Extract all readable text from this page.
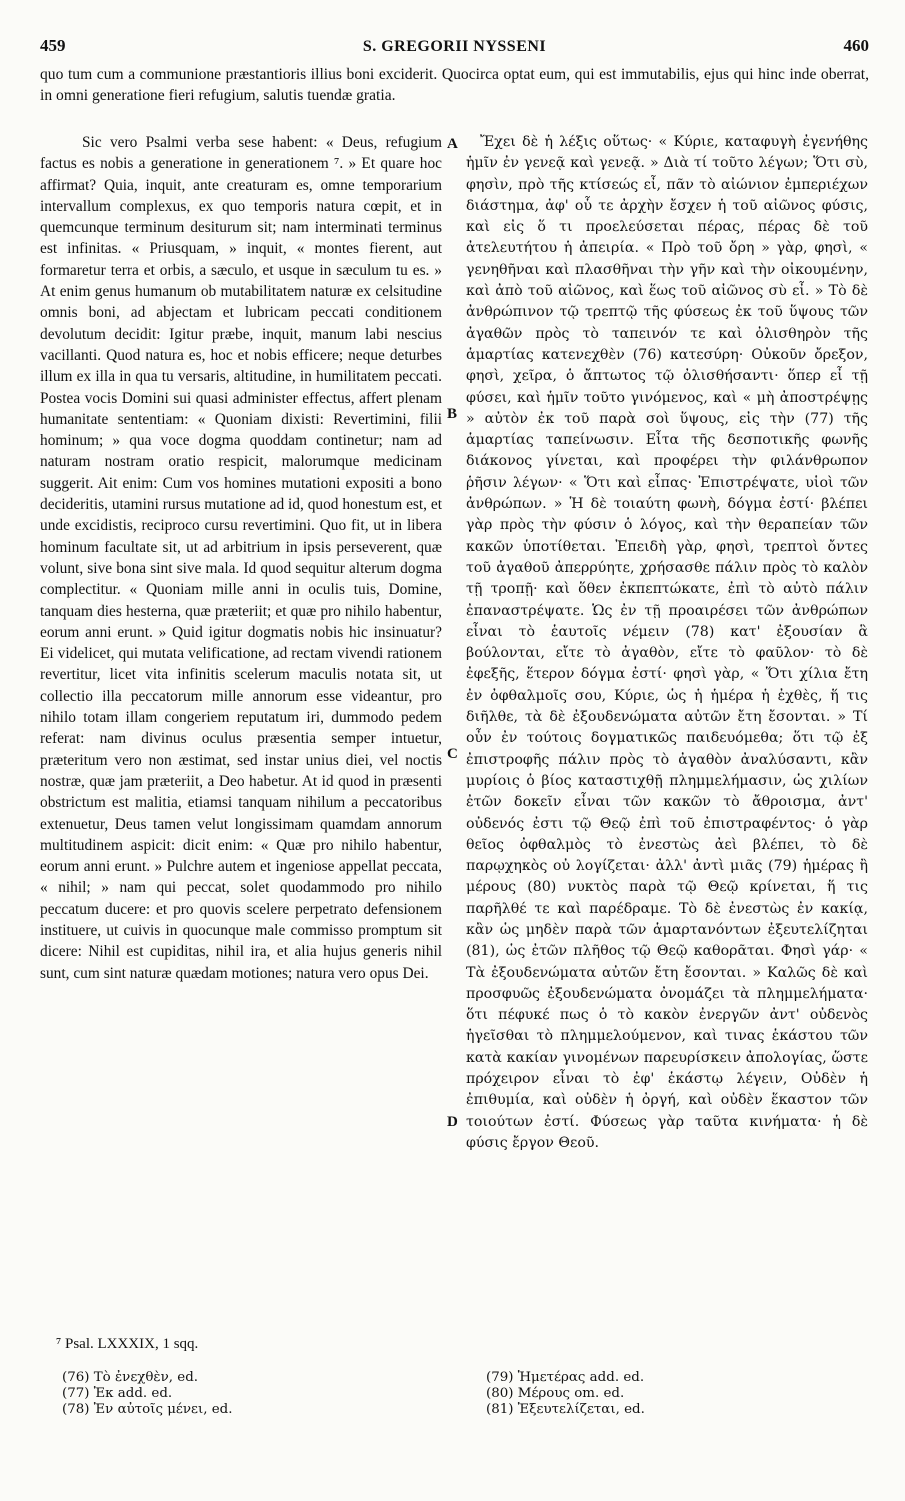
459	S. GREGORII NYSSENI	460
quo tum cum a communione præstantioris illius boni exciderit. Quocirca optat eum, qui est immutabilis, ejus qui hinc inde oberrat, in omni generatione fieri refugium, salutis tuendæ gratia.

Sic vero Psalmi verba sese habent: « Deus, refugium factus es nobis a generatione in generationem ⁷. » Et quare hoc affirmat? Quia, inquit, ante creaturam es, omne temporarium intervallum complexus, ex quo temporis natura cœpit, et in quemcunque terminum desiturum sit; nam interminati terminus est infinitas. « Priusquam, » inquit, « montes fierent, aut formaretur terra et orbis, a sæculo, et usque in sæculum tu es. » At enim genus humanum ob mutabilitatem naturæ ex celsitudine omnis boni, ad abjectam et lubricam peccati conditionem devolutum decidit: Igitur præbe, inquit, manum labi nescius vacillanti. Quod natura es, hoc et nobis efficere; neque deturbes illum ex illa in qua tu versaris, altitudine, in humilitatem peccati. Postea vocis Domini sui quasi administer effectus, affert plenam humanitate sententiam: « Quoniam dixisti: Revertimini, filii hominum; » qua voce dogma quoddam continetur; nam ad naturam nostram oratio respicit, malorumque medicinam suggerit. Ait enim: Cum vos homines mutationi expositi a bono decideritis, utamini rursus mutatione ad id, quod honestum est, et unde excidistis, reciproco cursu revertimini. Quo fit, ut in libera hominum facultate sit, ut ad arbitrium in ipsis perseverent, quæ volunt, sive bona sint sive mala. Id quod sequitur alterum dogma complectitur. « Quoniam mille anni in oculis tuis, Domine, tanquam dies hesterna, quæ præteriit; et quæ pro nihilo habentur, eorum anni erunt. » Quid igitur dogmatis nobis hic insinuatur? Ei videlicet, qui mutata velificatione, ad rectam vivendi rationem revertitur, licet vita infinitis scelerum maculis notata sit, ut collectio illa peccatorum mille annorum esse videantur, pro nihilo totam illam congeriem reputatum iri, dummodo pedem referat: nam divinus oculus præsentia semper intuetur, præteritum vero non æstimat, sed instar unius diei, vel noctis nostræ, quæ jam præteriit, a Deo habetur. At id quod in præsenti obstrictum est malitia, etiamsi tanquam nihilum a peccatoribus extenuetur, Deus tamen velut longissimam quamdam annorum multitudinem aspicit: dicit enim: « Quæ pro nihilo habentur, eorum anni erunt. » Pulchre autem et ingeniose appellat peccata, « nihil; » nam qui peccat, solet quodammodo pro nihilo peccatum ducere: et pro quovis scelere perpetrato defensionem instituere, ut cuivis in quocunque male commisso promptum sit dicere: Nihil est cupiditas, nihil ira, et alia hujus generis nihil sunt, cum sint naturæ quædam motiones; natura vero opus Dei.

A
B
C
D

Ἔχει δὲ ἡ λέξις οὕτως· « Κύριε, καταφυγὴ ἐγενήθης ἡμῖν ἐν γενεᾷ καὶ γενεᾷ. » Διὰ τί τοῦτο λέγων; Ὅτι σὺ, φησὶν, πρὸ τῆς κτίσεώς εἶ, πᾶν τὸ αἰώνιον ἐμπεριέχων διάστημα, ἀφ' οὗ τε ἀρχὴν ἔσχεν ἡ τοῦ αἰῶνος φύσις, καὶ εἰς ὅ τι προελεύσεται πέρας, πέρας δὲ τοῦ ἀτελευτήτου ἡ ἀπειρία. « Πρὸ τοῦ ὄρη » γὰρ, φησὶ, « γενηθῆναι καὶ πλασθῆναι τὴν γῆν καὶ τὴν οἰκουμένην, καὶ ἀπὸ τοῦ αἰῶνος, καὶ ἕως τοῦ αἰῶνος σὺ εἶ. » Τὸ δὲ ἀνθρώπινον τῷ τρεπτῷ τῆς φύσεως ἐκ τοῦ ὕψους τῶν ἀγαθῶν πρὸς τὸ ταπεινόν τε καὶ ὀλισθηρὸν τῆς ἁμαρτίας κατενεχθὲν (76) κατεσύρη· Οὐκοῦν ὄρεξον, φησὶ, χεῖρα, ὁ ἄπτωτος τῷ ὀλισθήσαντι· ὅπερ εἶ τῇ φύσει, καὶ ἡμῖν τοῦτο γινόμενος, καὶ « μὴ ἀποστρέψῃς » αὐτὸν ἐκ τοῦ παρὰ σοὶ ὕψους, εἰς τὴν (77) τῆς ἁμαρτίας ταπείνωσιν. Εἶτα τῆς δεσποτικῆς φωνῆς διάκονος γίνεται, καὶ προφέρει τὴν φιλάνθρωπον ῥῆσιν λέγων· « Ὅτι καὶ εἶπας· Ἐπιστρέψατε, υἱοὶ τῶν ἀνθρώπων. » Ἡ δὲ τοιαύτη φωνὴ, δόγμα ἐστί· βλέπει γὰρ πρὸς τὴν φύσιν ὁ λόγος, καὶ τὴν θεραπείαν τῶν κακῶν ὑποτίθεται. Ἐπειδὴ γὰρ, φησὶ, τρεπτοὶ ὄντες τοῦ ἀγαθοῦ ἀπερρύητε, χρήσασθε πάλιν πρὸς τὸ καλὸν τῇ τροπῇ· καὶ ὅθεν ἐκπεπτώκατε, ἐπὶ τὸ αὐτὸ πάλιν ἐπαναστρέψατε. Ὡς ἐν τῇ προαιρέσει τῶν ἀνθρώπων εἶναι τὸ ἑαυτοῖς νέμειν (78) κατ' ἐξουσίαν ἃ βούλονται, εἴτε τὸ ἀγαθὸν, εἴτε τὸ φαῦλον· τὸ δὲ ἐφεξῆς, ἕτερον δόγμα ἐστί· φησὶ γὰρ, « Ὅτι χίλια ἔτη ἐν ὀφθαλμοῖς σου, Κύριε, ὡς ἡ ἡμέρα ἡ ἐχθὲς, ἥ τις διῆλθε, τὰ δὲ ἐξουδενώματα αὐτῶν ἔτη ἔσονται. » Τί οὖν ἐν τούτοις δογματικῶς παιδευόμεθα; ὅτι τῷ ἐξ ἐπιστροφῆς πάλιν πρὸς τὸ ἀγαθὸν ἀναλύσαντι, κἂν μυρίοις ὁ βίος καταστιχθῇ πλημμελήμασιν, ὡς χιλίων ἐτῶν δοκεῖν εἶναι τῶν κακῶν τὸ ἄθροισμα, ἀντ' οὐδενός ἐστι τῷ Θεῷ ἐπὶ τοῦ ἐπιστραφέντος· ὁ γὰρ θεῖος ὀφθαλμὸς τὸ ἐνεστὼς ἀεὶ βλέπει, τὸ δὲ παρῳχηκὸς οὐ λογίζεται· ἀλλ' ἀντὶ μιᾶς (79) ἡμέρας ἢ μέρους (80) νυκτὸς παρὰ τῷ Θεῷ κρίνεται, ἥ τις παρῆλθέ τε καὶ παρέδραμε. Τὸ δὲ ἐνεστὼς ἐν κακίᾳ, κἂν ὡς μηδὲν παρὰ τῶν ἁμαρτανόντων ἐξευτελίζηται (81), ὡς ἐτῶν πλῆθος τῷ Θεῷ καθορᾶται. Φησὶ γάρ· « Τὰ ἐξουδενώματα αὐτῶν ἔτη ἔσονται. » Καλῶς δὲ καὶ προσφυῶς ἐξουδενώματα ὀνομάζει τὰ πλημμελήματα· ὅτι πέφυκέ πως ὁ τὸ κακὸν ἐνεργῶν ἀντ' οὐδενὸς ἡγεῖσθαι τὸ πλημμελούμενον, καὶ τινας ἑκάστου τῶν κατὰ κακίαν γινομένων παρευρίσκειν ἀπολογίας, ὥστε πρόχειρον εἶναι τὸ ἐφ' ἑκάστῳ λέγειν, Οὐδὲν ἡ ἐπιθυμία, καὶ οὐδὲν ἡ ὀργή, καὶ οὐδὲν ἕκαστον τῶν τοιούτων ἐστί. Φύσεως γὰρ ταῦτα κινήματα· ἡ δὲ φύσις ἔργον Θεοῦ.

⁷ Psal. LXXXIX, 1 sqq.
(76) Τὸ ἐνεχθὲν, ed.
(77) Ἐκ add. ed.
(78) Ἐν αὐτοῖς μένει, ed.
(79) Ἡμετέρας add. ed.
(80) Μέρους om. ed.
(81) Ἐξευτελίζεται, ed.
